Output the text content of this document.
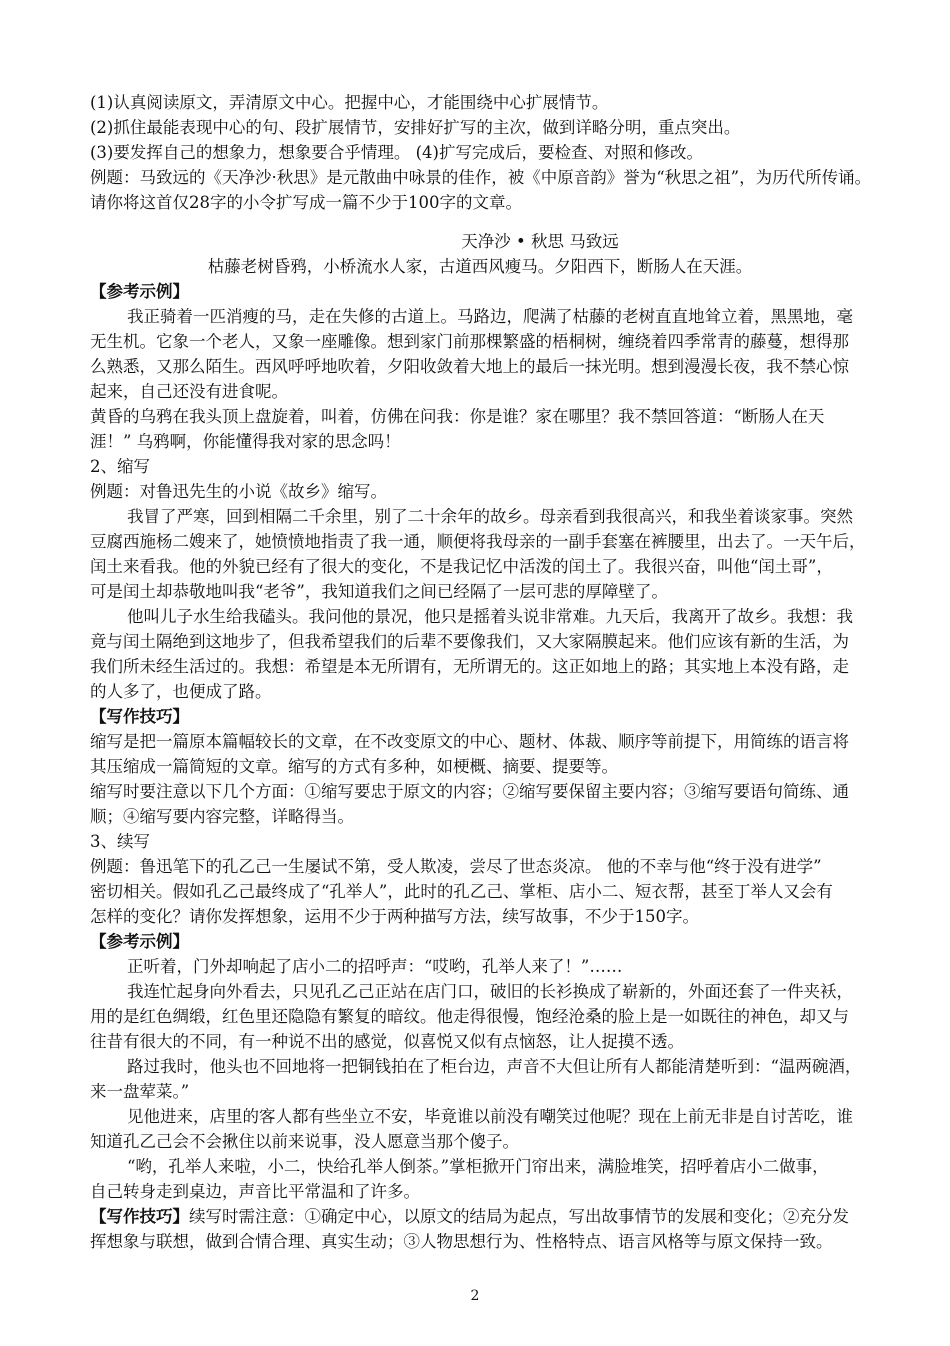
(1)认真阅读原文，弄清原文中心。把握中心，才能围绕中心扩展情节。
(2)抓住最能表现中心的句、段扩展情节，安排好扩写的主次，做到详略分明，重点突出。
(3)要发挥自己的想象力，想象要合乎情理。 (4)扩写完成后，要检查、对照和修改。
例题：马致远的《天净沙·秋思》是元散曲中咏景的佳作，被《中原音韵》誉为“秋思之祖”，为历代所传诵。
请你将这首仅28字的小令扩写成一篇不少于100字的文章。
天净沙 • 秋思 马致远
枯藤老树昏鸦，小桥流水人家，古道西风瘦马。夕阳西下，断肠人在天涯。
【参考示例】
我正骑着一匹消瘦的马，走在失修的古道上。马路边，爬满了枯藤的老树直直地耸立着，黑黑地，毫
无生机。它象一个老人，又象一座雕像。想到家门前那棵繁盛的梧桐树，缠绕着四季常青的藤蔓，想得那
么熟悉，又那么陌生。西风呼呼地吹着，夕阳收敛着大地上的最后一抹光明。想到漫漫长夜，我不禁心惊
起来，自己还没有进食呢。
黄昏的乌鸦在我头顶上盘旋着，叫着，仿佛在问我：你是谁？家在哪里？我不禁回答道：“断肠人在天
涯！” 乌鸦啊，你能懂得我对家的思念吗！
2、缩写
例题：对鲁迅先生的小说《故乡》缩写。
我冒了严寒，回到相隔二千余里，别了二十余年的故乡。母亲看到我很高兴，和我坐着谈家事。突然
豆腐西施杨二嫂来了，她愤愤地指责了我一通，顺便将我母亲的一副手套塞在裤腰里，出去了。一天午后，
闰土来看我。他的外貌已经有了很大的变化，不是我记忆中活泼的闰土了。我很兴奋，叫他“闰土哥”，
可是闰土却恭敬地叫我“老爷”，我知道我们之间已经隔了一层可悲的厚障壁了。
他叫儿子水生给我磕头。我问他的景况，他只是摇着头说非常难。九天后，我离开了故乡。我想：我
竟与闰土隔绝到这地步了，但我希望我们的后辈不要像我们，又大家隔膜起来。他们应该有新的生活，为
我们所未经生活过的。我想：希望是本无所谓有，无所谓无的。这正如地上的路；其实地上本没有路，走
的人多了，也便成了路。
【写作技巧】
缩写是把一篇原本篇幅较长的文章，在不改变原文的中心、题材、体裁、顺序等前提下，用简练的语言将
其压缩成一篇简短的文章。缩写的方式有多种，如梗概、摘要、提要等。
缩写时要注意以下几个方面：①缩写要忠于原文的内容；②缩写要保留主要内容；③缩写要语句简练、通
顺；④缩写要内容完整，详略得当。
3、续写
例题：鲁迅笔下的孔乙己一生屡试不第，受人欺凌，尝尽了世态炎凉。 他的不幸与他“终于没有进学”
密切相关。假如孔乙己最终成了“孔举人”，此时的孔乙己、掌柜、店小二、短衣帮，甚至丁举人又会有
怎样的变化？请你发挥想象，运用不少于两种描写方法，续写故事，不少于150字。
【参考示例】
正听着，门外却响起了店小二的招呼声：“哎哟，孔举人来了！”……
我连忙起身向外看去，只见孔乙己正站在店门口，破旧的长衫换成了崭新的，外面还套了一件夹袄，
用的是红色绸缎，红色里还隐隐有繁复的暗纹。他走得很慢，饱经沧桑的脸上是一如既往的神色，却又与
往昔有很大的不同，有一种说不出的感觉，似喜悦又似有点恼怒，让人捉摸不透。
路过我时，他头也不回地将一把铜钱拍在了柜台边，声音不大但让所有人都能清楚听到：“温两碗酒，
来一盘荤菜。”
见他进来，店里的客人都有些坐立不安，毕竟谁以前没有嘲笑过他呢？现在上前无非是自讨苦吃，谁
知道孔乙己会不会揪住以前来说事，没人愿意当那个傻子。
“哟，孔举人来啦，小二，快给孔举人倒茶。”掌柜掀开门帘出来，满脸堆笑，招呼着店小二做事，
自己转身走到桌边，声音比平常温和了许多。
【写作技巧】续写时需注意：①确定中心，以原文的结局为起点，写出故事情节的发展和变化；②充分发
挥想象与联想，做到合情合理、真实生动；③人物思想行为、性格特点、语言风格等与原文保持一致。
2
